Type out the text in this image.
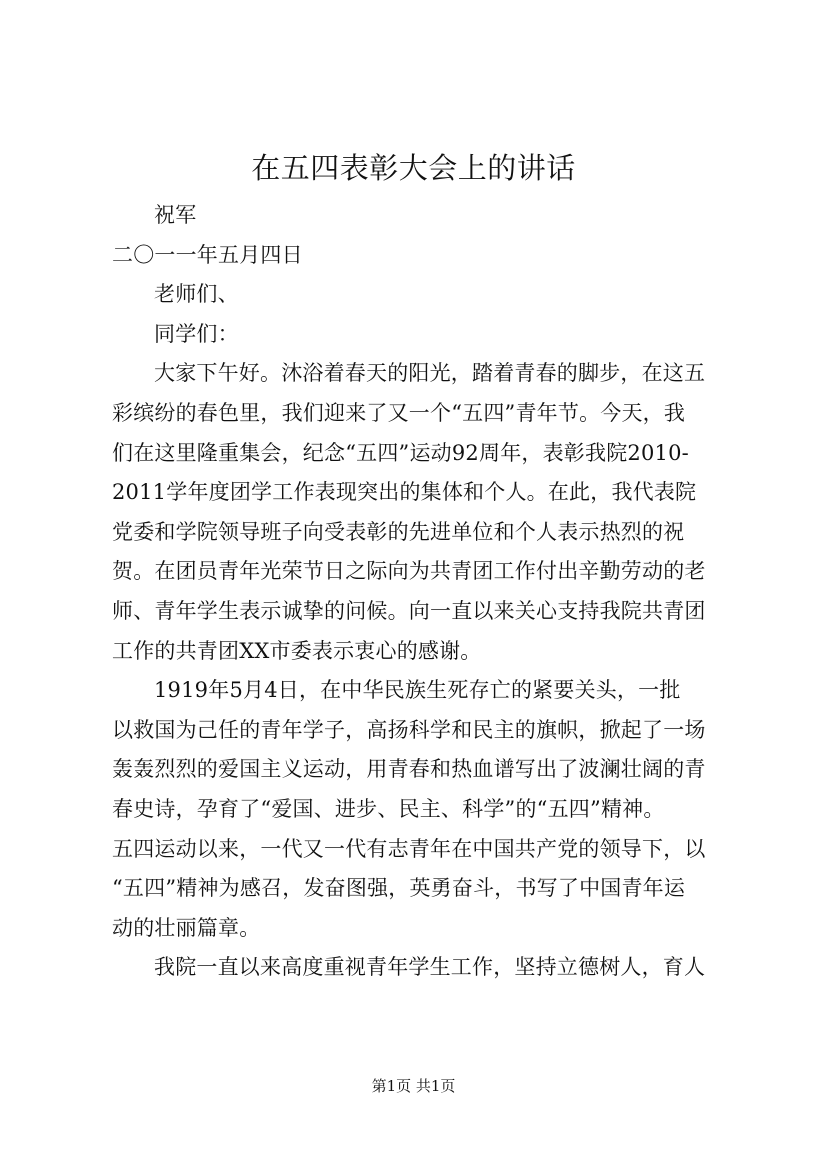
在五四表彰大会上的讲话
祝军
二〇一一年五月四日
老师们、
同学们：
大家下午好。沐浴着春天的阳光，踏着青春的脚步，在这五
彩缤纷的春色里，我们迎来了又一个“五四”青年节。今天，我
们在这里隆重集会，纪念“五四”运动92周年，表彰我院2010-
2011学年度团学工作表现突出的集体和个人。在此，我代表院
党委和学院领导班子向受表彰的先进单位和个人表示热烈的祝
贺。在团员青年光荣节日之际向为共青团工作付出辛勤劳动的老
师、青年学生表示诚挚的问候。向一直以来关心支持我院共青团
工作的共青团XX市委表示衷心的感谢。
1919年5月4日，在中华民族生死存亡的紧要关头，一批
以救国为己任的青年学子，高扬科学和民主的旗帜，掀起了一场
轰轰烈烈的爱国主义运动，用青春和热血谱写出了波澜壮阔的青
春史诗，孕育了“爱国、进步、民主、科学”的“五四”精神。
五四运动以来，一代又一代有志青年在中国共产党的领导下，以
“五四”精神为感召，发奋图强，英勇奋斗，书写了中国青年运
动的壮丽篇章。
我院一直以来高度重视青年学生工作，坚持立德树人，育人
第1页 共1页
